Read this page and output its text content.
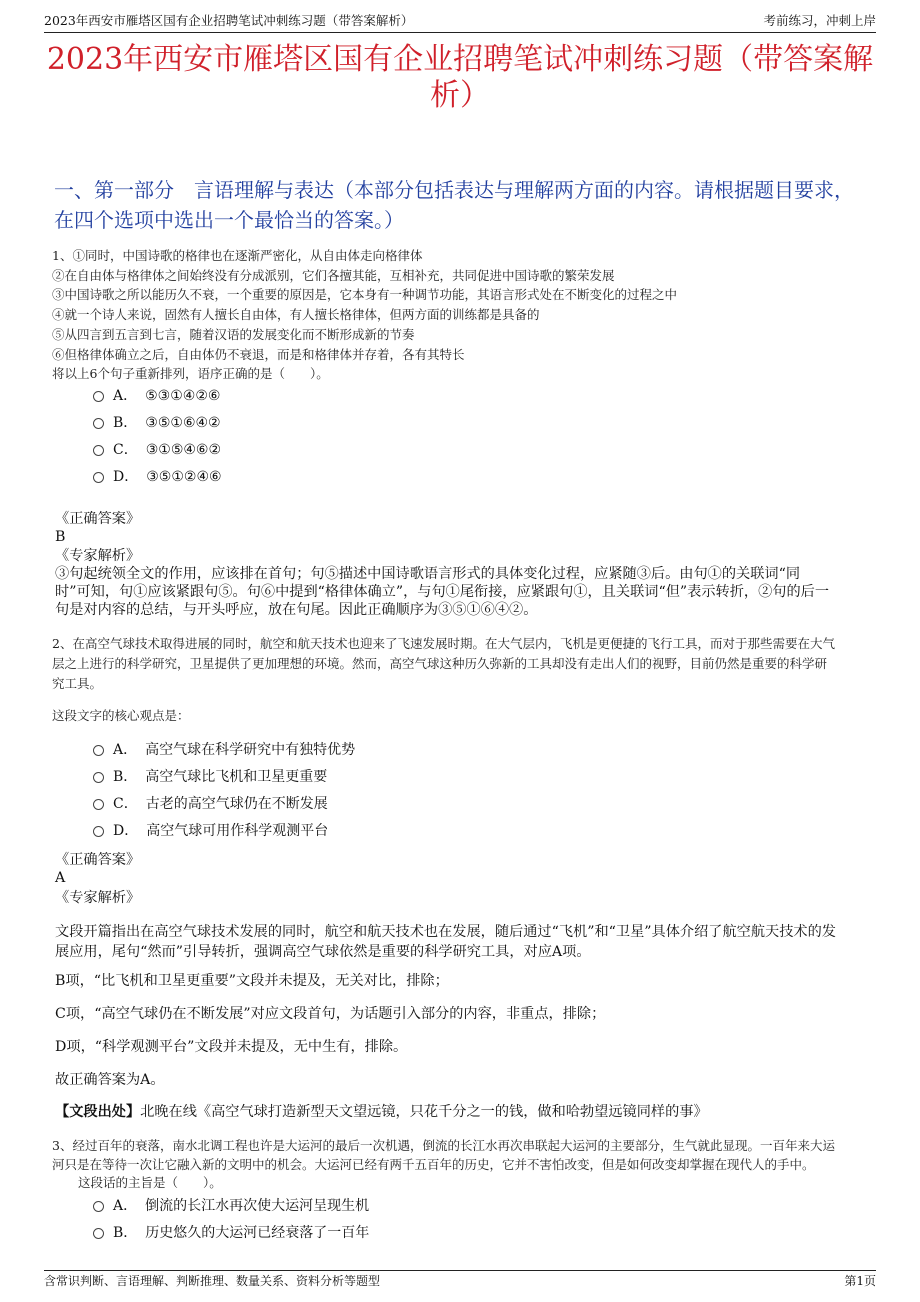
2023年西安市雁塔区国有企业招聘笔试冲刺练习题（带答案解析）	考前练习，冲刺上岸
2023年西安市雁塔区国有企业招聘笔试冲刺练习题（带答案解析）
一、第一部分　言语理解与表达（本部分包括表达与理解两方面的内容。请根据题目要求，在四个选项中选出一个最恰当的答案。）
1、①同时，中国诗歌的格律也在逐渐严密化，从自由体走向格律体
②在自由体与格律体之间始终没有分成派别，它们各擅其能，互相补充，共同促进中国诗歌的繁荣发展
③中国诗歌之所以能历久不衰，一个重要的原因是，它本身有一种调节功能，其语言形式处在不断变化的过程之中
④就一个诗人来说，固然有人擅长自由体，有人擅长格律体，但两方面的训练都是具备的
⑤从四言到五言到七言，随着汉语的发展变化而不断形成新的节奏
⑥但格律体确立之后，自由体仍不衰退，而是和格律体并存着，各有其特长
将以上6个句子重新排列，语序正确的是（　　）。
A． ⑤③①④②⑥
B． ③⑤①⑥④②
C． ③①⑤④⑥②
D． ③⑤①②④⑥
《正确答案》
B
《专家解析》
③句起统领全文的作用，应该排在首句；句⑤描述中国诗歌语言形式的具体变化过程，应紧随③后。由句①的关联词“同
时”可知，句①应该紧跟句⑤。句⑥中提到“格律体确立”，与句①尾衔接，应紧跟句①，且关联词“但”表示转折，②句的后一
句是对内容的总结，与开头呼应，放在句尾。因此正确顺序为③⑤①⑥④②。
2、在高空气球技术取得进展的同时，航空和航天技术也迎来了飞速发展时期。在大气层内，飞机是更便捷的飞行工具，而对于那些需要在大气
层之上进行的科学研究，卫星提供了更加理想的环境。然而，高空气球这种历久弥新的工具却没有走出人们的视野，目前仍然是重要的科学研
究工具。
这段文字的核心观点是：
A． 高空气球在科学研究中有独特优势
B． 高空气球比飞机和卫星更重要
C． 古老的高空气球仍在不断发展
D． 高空气球可用作科学观测平台
《正确答案》
A
《专家解析》
文段开篇指出在高空气球技术发展的同时，航空和航天技术也在发展，随后通过“飞机”和“卫星”具体介绍了航空航天技术的发
展应用，尾句“然而”引导转折，强调高空气球依然是重要的科学研究工具，对应A项。
B项，“比飞机和卫星更重要”文段并未提及，无关对比，排除；
C项，“高空气球仍在不断发展”对应文段首句，为话题引入部分的内容，非重点，排除；
D项，“科学观测平台”文段并未提及，无中生有，排除。
故正确答案为A。
【文段出处】北晚在线《高空气球打造新型天文望远镜，只花千分之一的钱，做和哈勃望远镜同样的事》
3、经过百年的衰落，南水北调工程也许是大运河的最后一次机遇，倒流的长江水再次串联起大运河的主要部分，生气就此显现。一百年来大运
河只是在等待一次让它融入新的文明中的机会。大运河已经有两千五百年的历史，它并不害怕改变，但是如何改变却掌握在现代人的手中。
这段话的主旨是（　　）。
A． 倒流的长江水再次使大运河呈现生机
B． 历史悠久的大运河已经衰落了一百年
含常识判断、言语理解、判断推理、数量关系、资料分析等题型	第1页
